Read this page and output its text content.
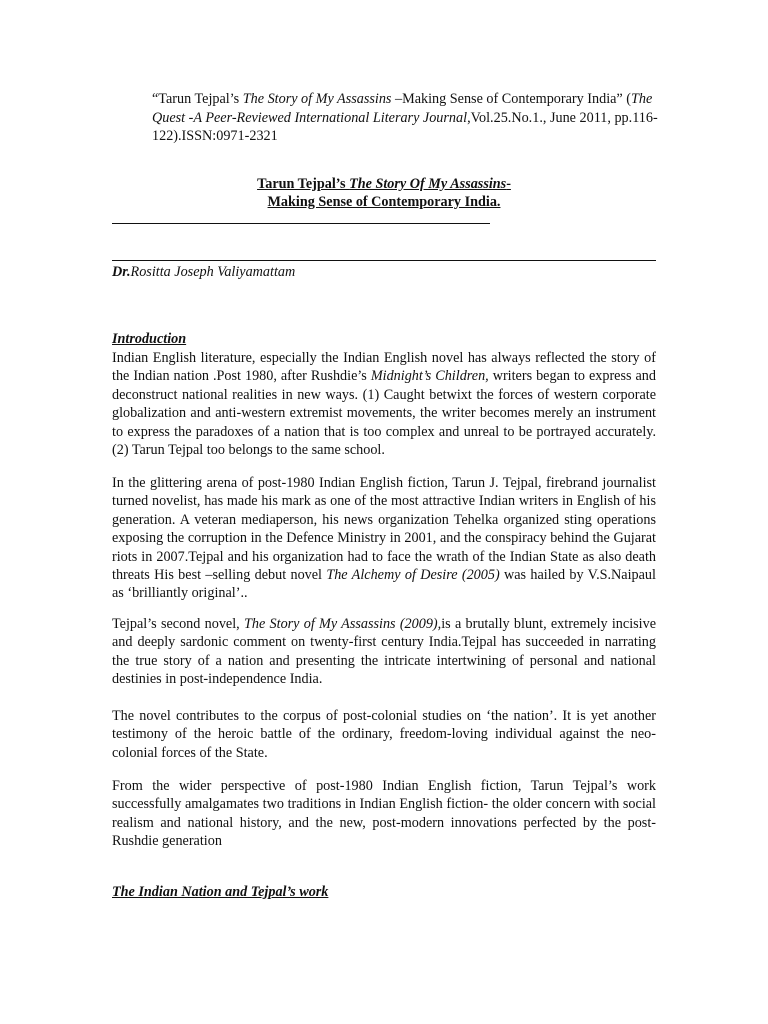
“Tarun Tejpal’s The Story of My Assassins –Making Sense of Contemporary India” (The Quest -A Peer-Reviewed International Literary Journal,Vol.25.No.1., June 2011, pp.116-122).ISSN:0971-2321
Tarun Tejpal’s The Story Of My Assassins-
Making Sense of Contemporary India.
Dr.Rositta Joseph Valiyamattam
Introduction
Indian English literature, especially the Indian English novel has always reflected the story of the Indian nation .Post 1980, after Rushdie’s Midnight’s Children, writers began to express and deconstruct national realities in new ways. (1) Caught betwixt the forces of western corporate globalization and anti-western extremist movements, the writer becomes merely an instrument to express the paradoxes of a nation that is too complex and unreal to be portrayed accurately. (2) Tarun Tejpal too belongs to the same school.
In the glittering arena of post-1980 Indian English fiction, Tarun J. Tejpal, firebrand journalist turned novelist, has made his mark as one of the most attractive Indian writers in English of his generation. A veteran mediaperson, his news organization Tehelka organized sting operations exposing the corruption in the Defence Ministry in 2001, and the conspiracy behind the Gujarat riots in 2007.Tejpal and his organization had to face the wrath of the Indian State as also death threats His best –selling debut novel The Alchemy of Desire (2005) was hailed by V.S.Naipaul as ‘brilliantly original’..
Tejpal’s second novel, The Story of My Assassins (2009),is a brutally blunt, extremely incisive and deeply sardonic comment on twenty-first century India.Tejpal has succeeded in narrating the true story of a nation and presenting the intricate intertwining of personal and national destinies in post-independence India.
The novel contributes to the corpus of post-colonial studies on ‘the nation’. It is yet another testimony of the heroic battle of the ordinary, freedom-loving individual against the neo-colonial forces of the State.
From the wider perspective of post-1980 Indian English fiction, Tarun Tejpal’s work successfully amalgamates two traditions in Indian English fiction- the older concern with social realism and national history, and the new, post-modern innovations perfected by the post-Rushdie generation
The Indian Nation and Tejpal’s work
